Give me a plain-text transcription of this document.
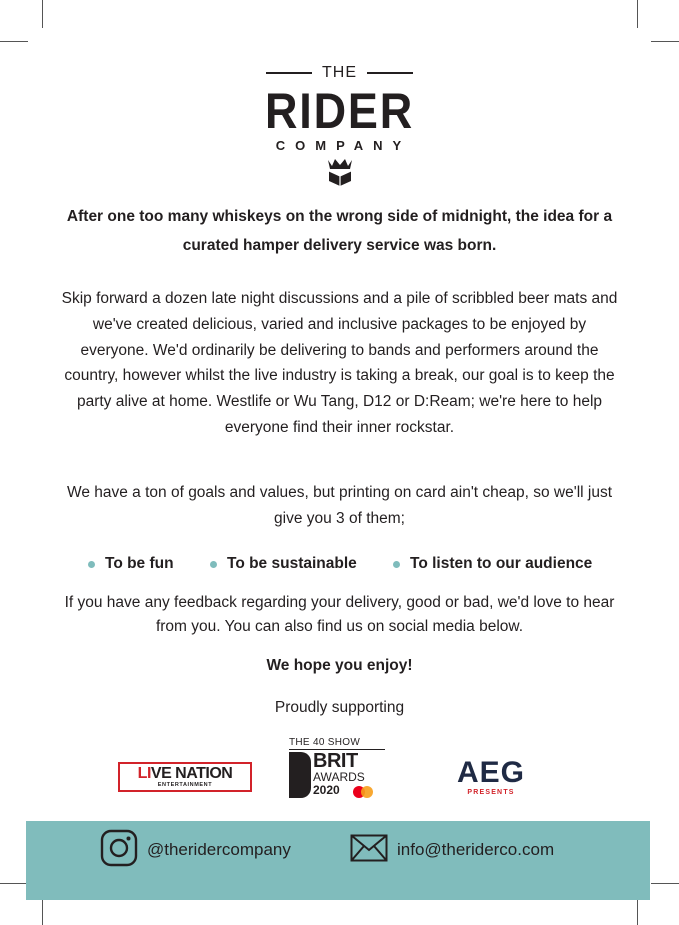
THE
RIDER
COMPANY
After one too many whiskeys on the wrong side of midnight, the idea for a curated hamper delivery service was born.
Skip forward a dozen late night discussions and a pile of scribbled beer mats and we've created delicious, varied and inclusive packages to be enjoyed by everyone. We'd ordinarily be delivering to bands and performers around the country, however whilst the live industry is taking a break, our goal is to keep the party alive at home. Westlife or Wu Tang, D12 or D:Ream; we're here to help everyone find their inner rockstar.
We have a ton of goals and values, but printing on card ain't cheap, so we'll just give you 3 of them;
To be fun	To be sustainable	To listen to our audience
If you have any feedback regarding your delivery, good or bad, we'd love to hear from you. You can also find us on social media below.
We hope you enjoy!
Proudly supporting
LIVE NATION
ENTERTAINMENT
THE 40 SHOW
BRIT
AWARDS
2020
AEG
PRESENTS
@theridercompany	info@theriderco.com
